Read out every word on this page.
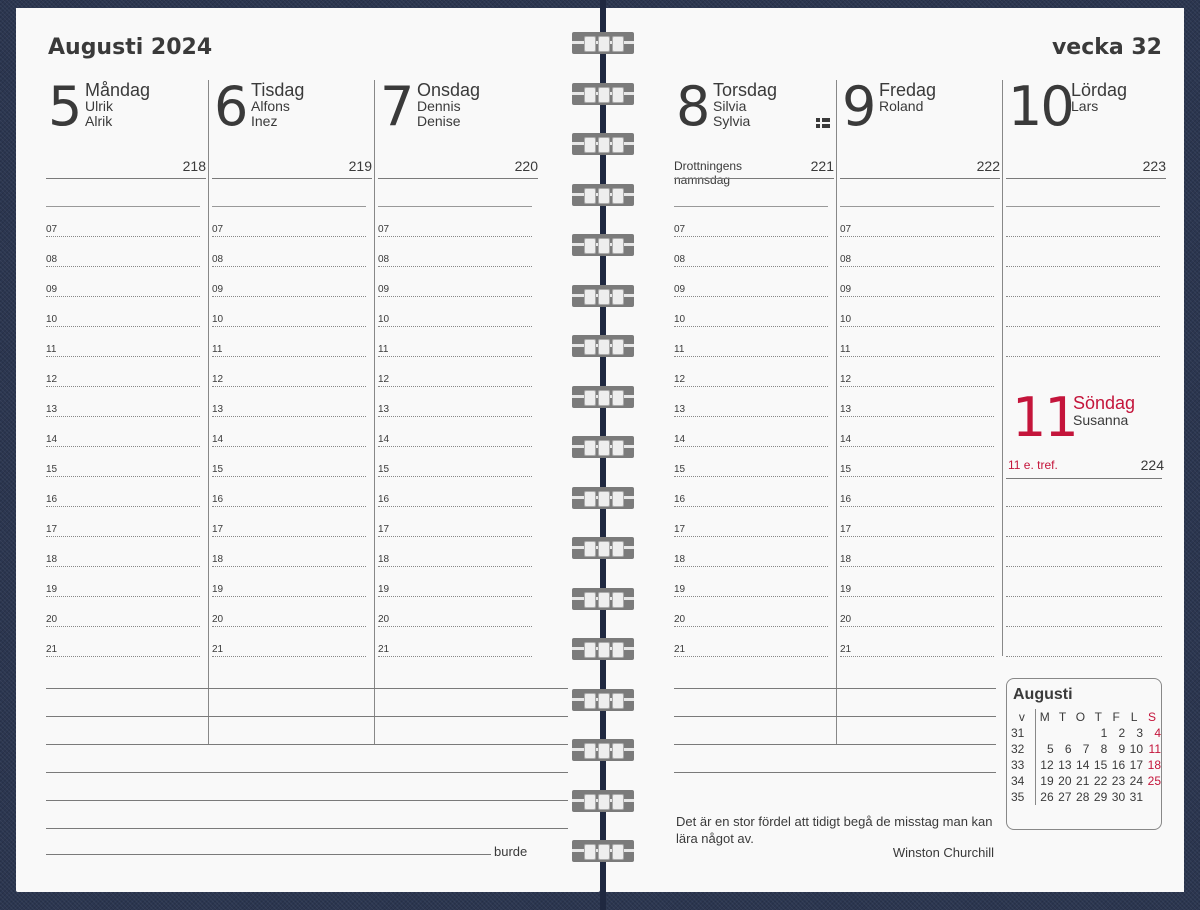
Augusti 2024
5 Måndag
Ulrik
Alrik
218
07
08
09
10
11
12
13
14
15
16
17
18
19
20
21
6 Tisdag
Alfons
Inez
219
07
08
09
10
11
12
13
14
15
16
17
18
19
20
21
7 Onsdag
Dennis
Denise
220
07
08
09
10
11
12
13
14
15
16
17
18
19
20
21
burde
vecka 32
8 Torsdag
Silvia
Sylvia
Drottningens namnsdag
221
07
08
09
10
11
12
13
14
15
16
17
18
19
20
21
9 Fredag
Roland
222
07
08
09
10
11
12
13
14
15
16
17
18
19
20
21
10
Lördag
Lars
223
11
Söndag
Susanna
11 e. tref.	224
Det är en stor fördel att tidigt begå de misstag man kan lära något av.
Winston Churchill
Augusti
v	M	T	O	T	F	L	S
31				1	2	3	4
32	5	6	7	8	9	10	11
33	12	13	14	15	16	17	18
34	19	20	21	22	23	24	25
35	26	27	28	29	30	31	
